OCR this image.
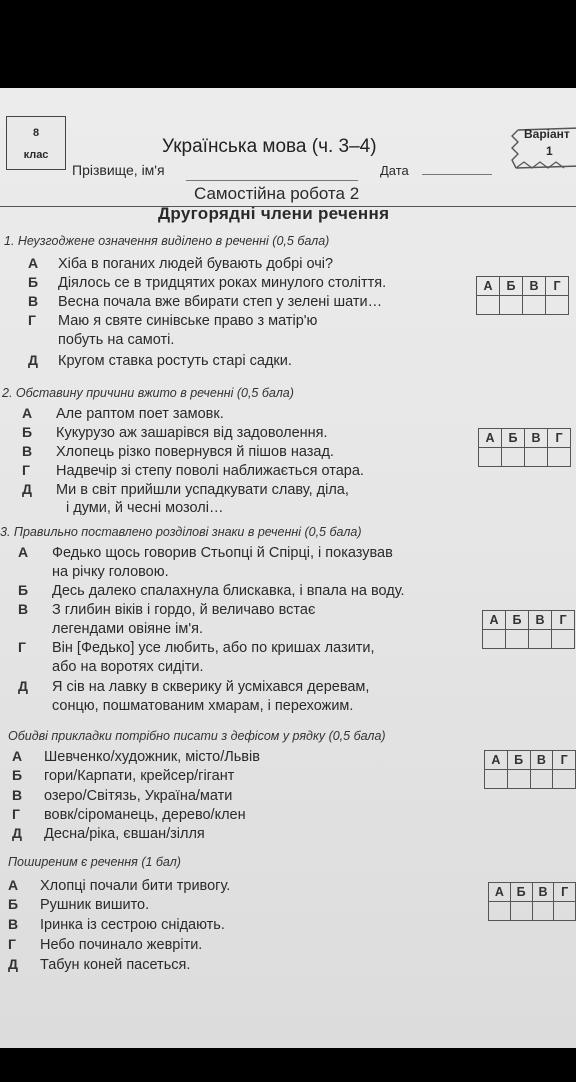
8
клас	Українська мова (ч. 3–4)
Прізвище, ім'я	Дата
Варіант
1
Самостійна робота 2
Другорядні члени речення
1. Неузгоджене означення виділено в реченні (0,5 бала)
А Хіба в поганих людей бувають добрі очі?
Б Діялось се в тридцятих роках минулого століття.
В Весна почала вже вбирати степ у зелені шати…
Г Маю я святе синівське право з матір'ю
побуть на самоті.
Д Кругом ставка ростуть старі садки.
А	Б	В	Г

2. Обставину причини вжито в реченні (0,5 бала)
А Але раптом поет замовк.
Б Кукурузо аж зашарівся від задоволення.
В Хлопець різко повернувся й пішов назад.
Г Надвечір зі степу поволі наближається отара.
Д Ми в світ прийшли успадкувати славу, діла,
і думи, й чесні мозолі…
А	Б	В	Г

3. Правильно поставлено розділові знаки в реченні (0,5 бала)
А Федько щось говорив Стьопці й Спірці, і показував
на річку головою.
Б Десь далеко спалахнула блискавка, і впала на воду.
В З глибин віків і гордо, й величаво встає
легендами овіяне ім'я.
Г Він [Федько] усе любить, або по кришах лазити,
або на воротях сидіти.
Д Я сів на лавку в скверику й усміхався деревам,
сонцю, пошматованим хмарам, і перехожим.
А	Б	В	Г

Обидві прикладки потрібно писати з дефісом у рядку (0,5 бала)
А Шевченко/художник, місто/Львів
Б гори/Карпати, крейсер/гігант
В озеро/Світязь, Україна/мати
Г вовк/сіроманець, дерево/клен
Д Десна/ріка, євшан/зілля
А	Б	В	Г

Поширеним є речення (1 бал)
А Хлопці почали бити тривогу.
Б Рушник вишито.
В Іринка із сестрою снідають.
Г Небо починало жевріти.
Д Табун коней пасеться.
А	Б	В	Г
